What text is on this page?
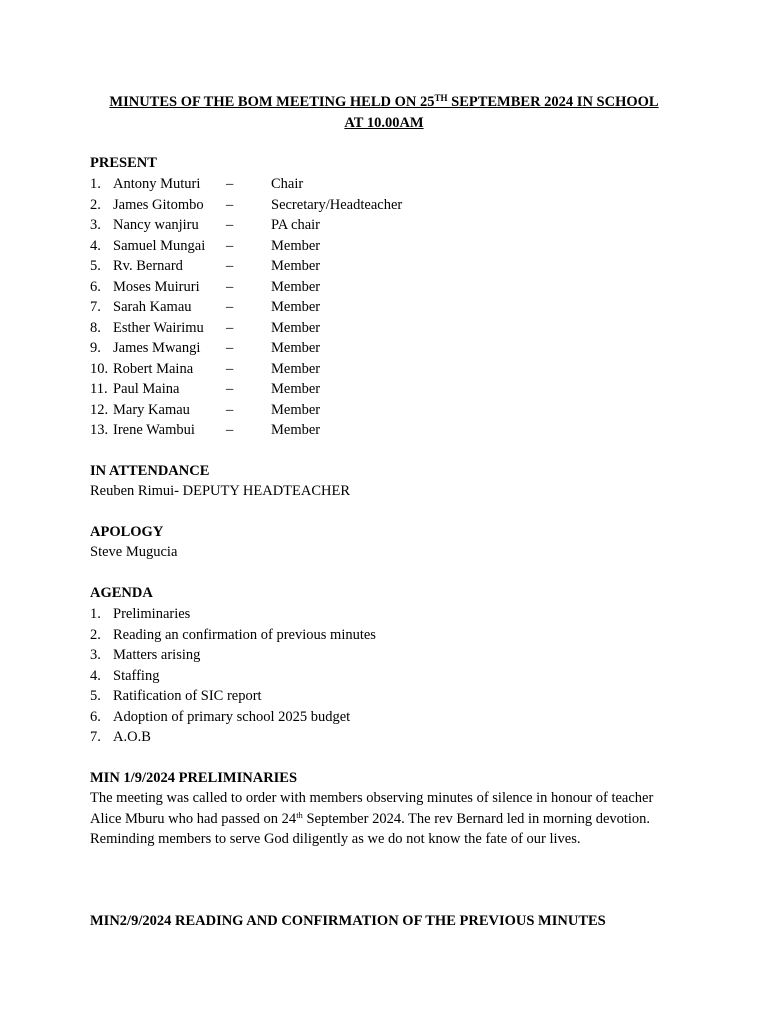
MINUTES OF THE BOM MEETING HELD ON 25TH SEPTEMBER 2024 IN SCHOOL
AT 10.00AM
PRESENT
1. Antony Muturi –	Chair
2. James Gitombo –	Secretary/Headteacher
3. Nancy wanjiru –	PA chair
4. Samuel Mungai –	Member
5. Rv. Bernard	–	Member
6. Moses Muiruri –	Member
7. Sarah Kamau –	Member
8. Esther Wairimu –	Member
9. James Mwangi –	Member
10. Robert Maina –	Member
11. Paul Maina	–	Member
12. Mary Kamau –	Member
13. Irene Wambui –	Member
IN ATTENDANCE
Reuben Rimui- DEPUTY HEADTEACHER
APOLOGY
Steve Mugucia
AGENDA
1. Preliminaries
2. Reading an confirmation of previous minutes
3. Matters arising
4. Staffing
5. Ratification of SIC report
6. Adoption of primary school 2025 budget
7. A.O.B
MIN 1/9/2024 PRELIMINARIES
The meeting was called to order with members observing minutes of silence in honour of teacher
Alice Mburu who had passed on 24th September 2024. The rev Bernard led in morning devotion.
Reminding members to serve God diligently as we do not know the fate of our lives.
MIN2/9/2024 READING AND CONFIRMATION OF THE PREVIOUS MINUTES
